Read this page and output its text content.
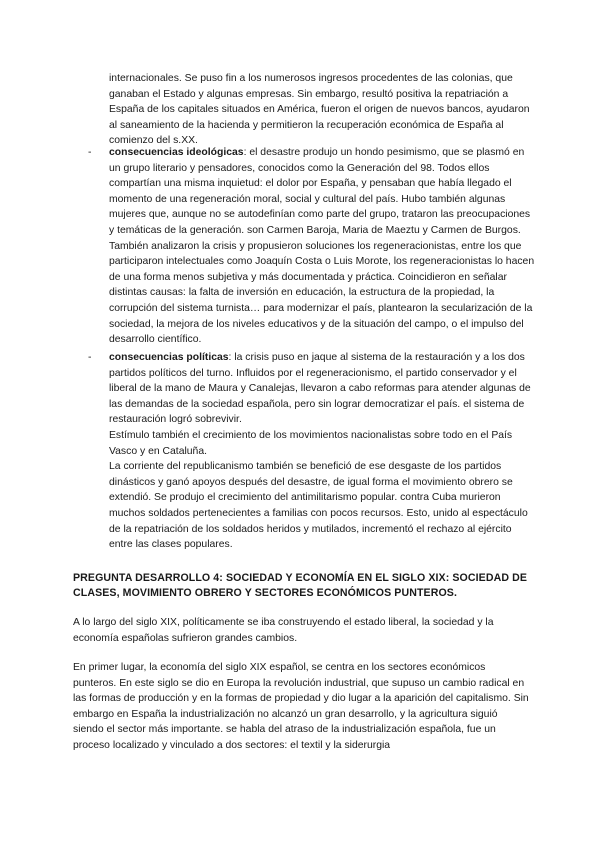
internacionales. Se puso fin a los numerosos ingresos procedentes de las colonias, que ganaban el Estado y algunas empresas. Sin embargo, resultó positiva la repatriación a España de los capitales situados en América, fueron el origen de nuevos bancos, ayudaron al saneamiento de la hacienda y permitieron la recuperación económica de España al comienzo del s.XX.

- consecuencias ideológicas: el desastre produjo un hondo pesimismo, que se plasmó en un grupo literario y pensadores, conocidos como la Generación del 98. Todos ellos compartían una misma inquietud: el dolor por España, y pensaban que había llegado el momento de una regeneración moral, social y cultural del país. Hubo también algunas mujeres que, aunque no se autodefinían como parte del grupo, trataron las preocupaciones y temáticas de la generación. son Carmen Baroja, Maria de Maeztu y Carmen de Burgos.

También analizaron la crisis y propusieron soluciones los regeneracionistas, entre los que participaron intelectuales como Joaquín Costa o Luis Morote, los regeneracionistas lo hacen de una forma menos subjetiva y más documentada y práctica. Coincidieron en señalar distintas causas: la falta de inversión en educación, la estructura de la propiedad, la corrupción del sistema turnista… para modernizar el país, plantearon la secularización de la sociedad, la mejora de los niveles educativos y de la situación del campo, o el impulso del desarrollo científico.

- consecuencias políticas: la crisis puso en jaque al sistema de la restauración y a los dos partidos políticos del turno. Influidos por el regeneracionismo, el partido conservador y el liberal de la mano de Maura y Canalejas, llevaron a cabo reformas para atender algunas de las demandas de la sociedad española, pero sin lograr democratizar el país. el sistema de restauración logró sobrevivir.

Estímulo también el crecimiento de los movimientos nacionalistas sobre todo en el País Vasco y en Cataluña.

La corriente del republicanismo también se benefició de ese desgaste de los partidos dinásticos y ganó apoyos después del desastre, de igual forma el movimiento obrero se extendió. Se produjo el crecimiento del antimilitarismo popular. contra Cuba murieron muchos soldados pertenecientes a familias con pocos recursos. Esto, unido al espectáculo de la repatriación de los soldados heridos y mutilados, incrementó el rechazo al ejército entre las clases populares.

PREGUNTA DESARROLLO 4: SOCIEDAD Y ECONOMÍA EN EL SIGLO XIX: SOCIEDAD DE CLASES, MOVIMIENTO OBRERO Y SECTORES ECONÓMICOS PUNTEROS.

A lo largo del siglo XIX, políticamente se iba construyendo el estado liberal, la sociedad y la economía españolas sufrieron grandes cambios.

En primer lugar, la economía del siglo XIX español, se centra en los sectores económicos punteros. En este siglo se dio en Europa la revolución industrial, que supuso un cambio radical en las formas de producción y en la formas de propiedad y dio lugar a la aparición del capitalismo. Sin embargo en España la industrialización no alcanzó un gran desarrollo, y la agricultura siguió siendo el sector más importante. se habla del atraso de la industrialización española, fue un proceso localizado y vinculado a dos sectores: el textil y la siderurgia
